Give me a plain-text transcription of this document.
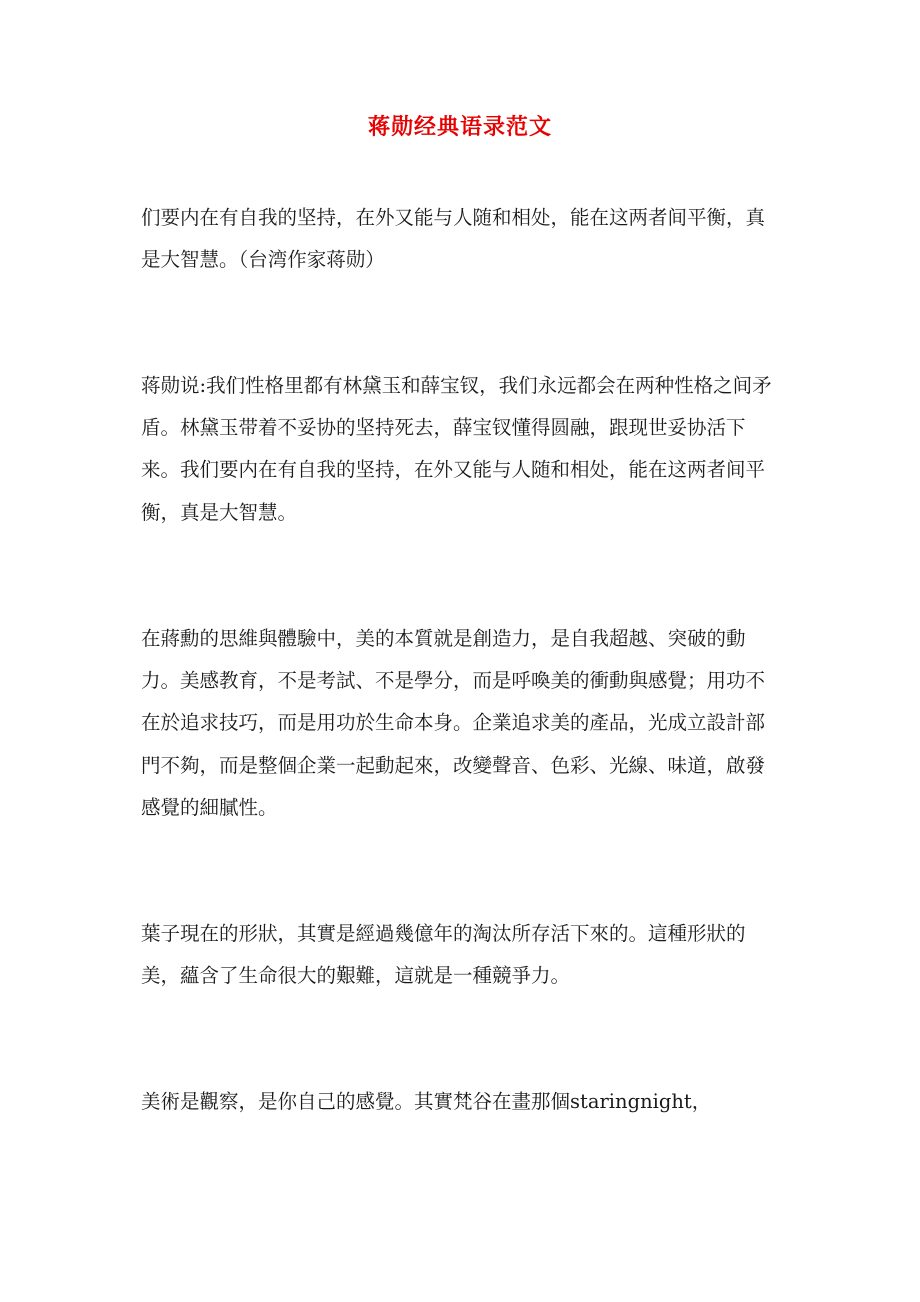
蒋勋经典语录范文

们要内在有自我的坚持，在外又能与人随和相处，能在这两者间平衡，真是大智慧。（台湾作家蒋勋）

蒋勋说:我们性格里都有林黛玉和薛宝钗，我们永远都会在两种性格之间矛盾。林黛玉带着不妥协的坚持死去，薛宝钗懂得圆融，跟现世妥协活下来。我们要内在有自我的坚持，在外又能与人随和相处，能在这两者间平衡，真是大智慧。

在蔣勳的思維與體驗中，美的本質就是創造力，是自我超越、突破的動力。美感教育，不是考試、不是學分，而是呼喚美的衝動與感覺；用功不在於追求技巧，而是用功於生命本身。企業追求美的產品，光成立設計部門不夠，而是整個企業一起動起來，改變聲音、色彩、光線、味道，啟發感覺的細膩性。

葉子現在的形狀，其實是經過幾億年的淘汰所存活下來的。這種形狀的美，蘊含了生命很大的艱難，這就是一種競爭力。

美術是觀察，是你自己的感覺。其實梵谷在畫那個staringnight，
